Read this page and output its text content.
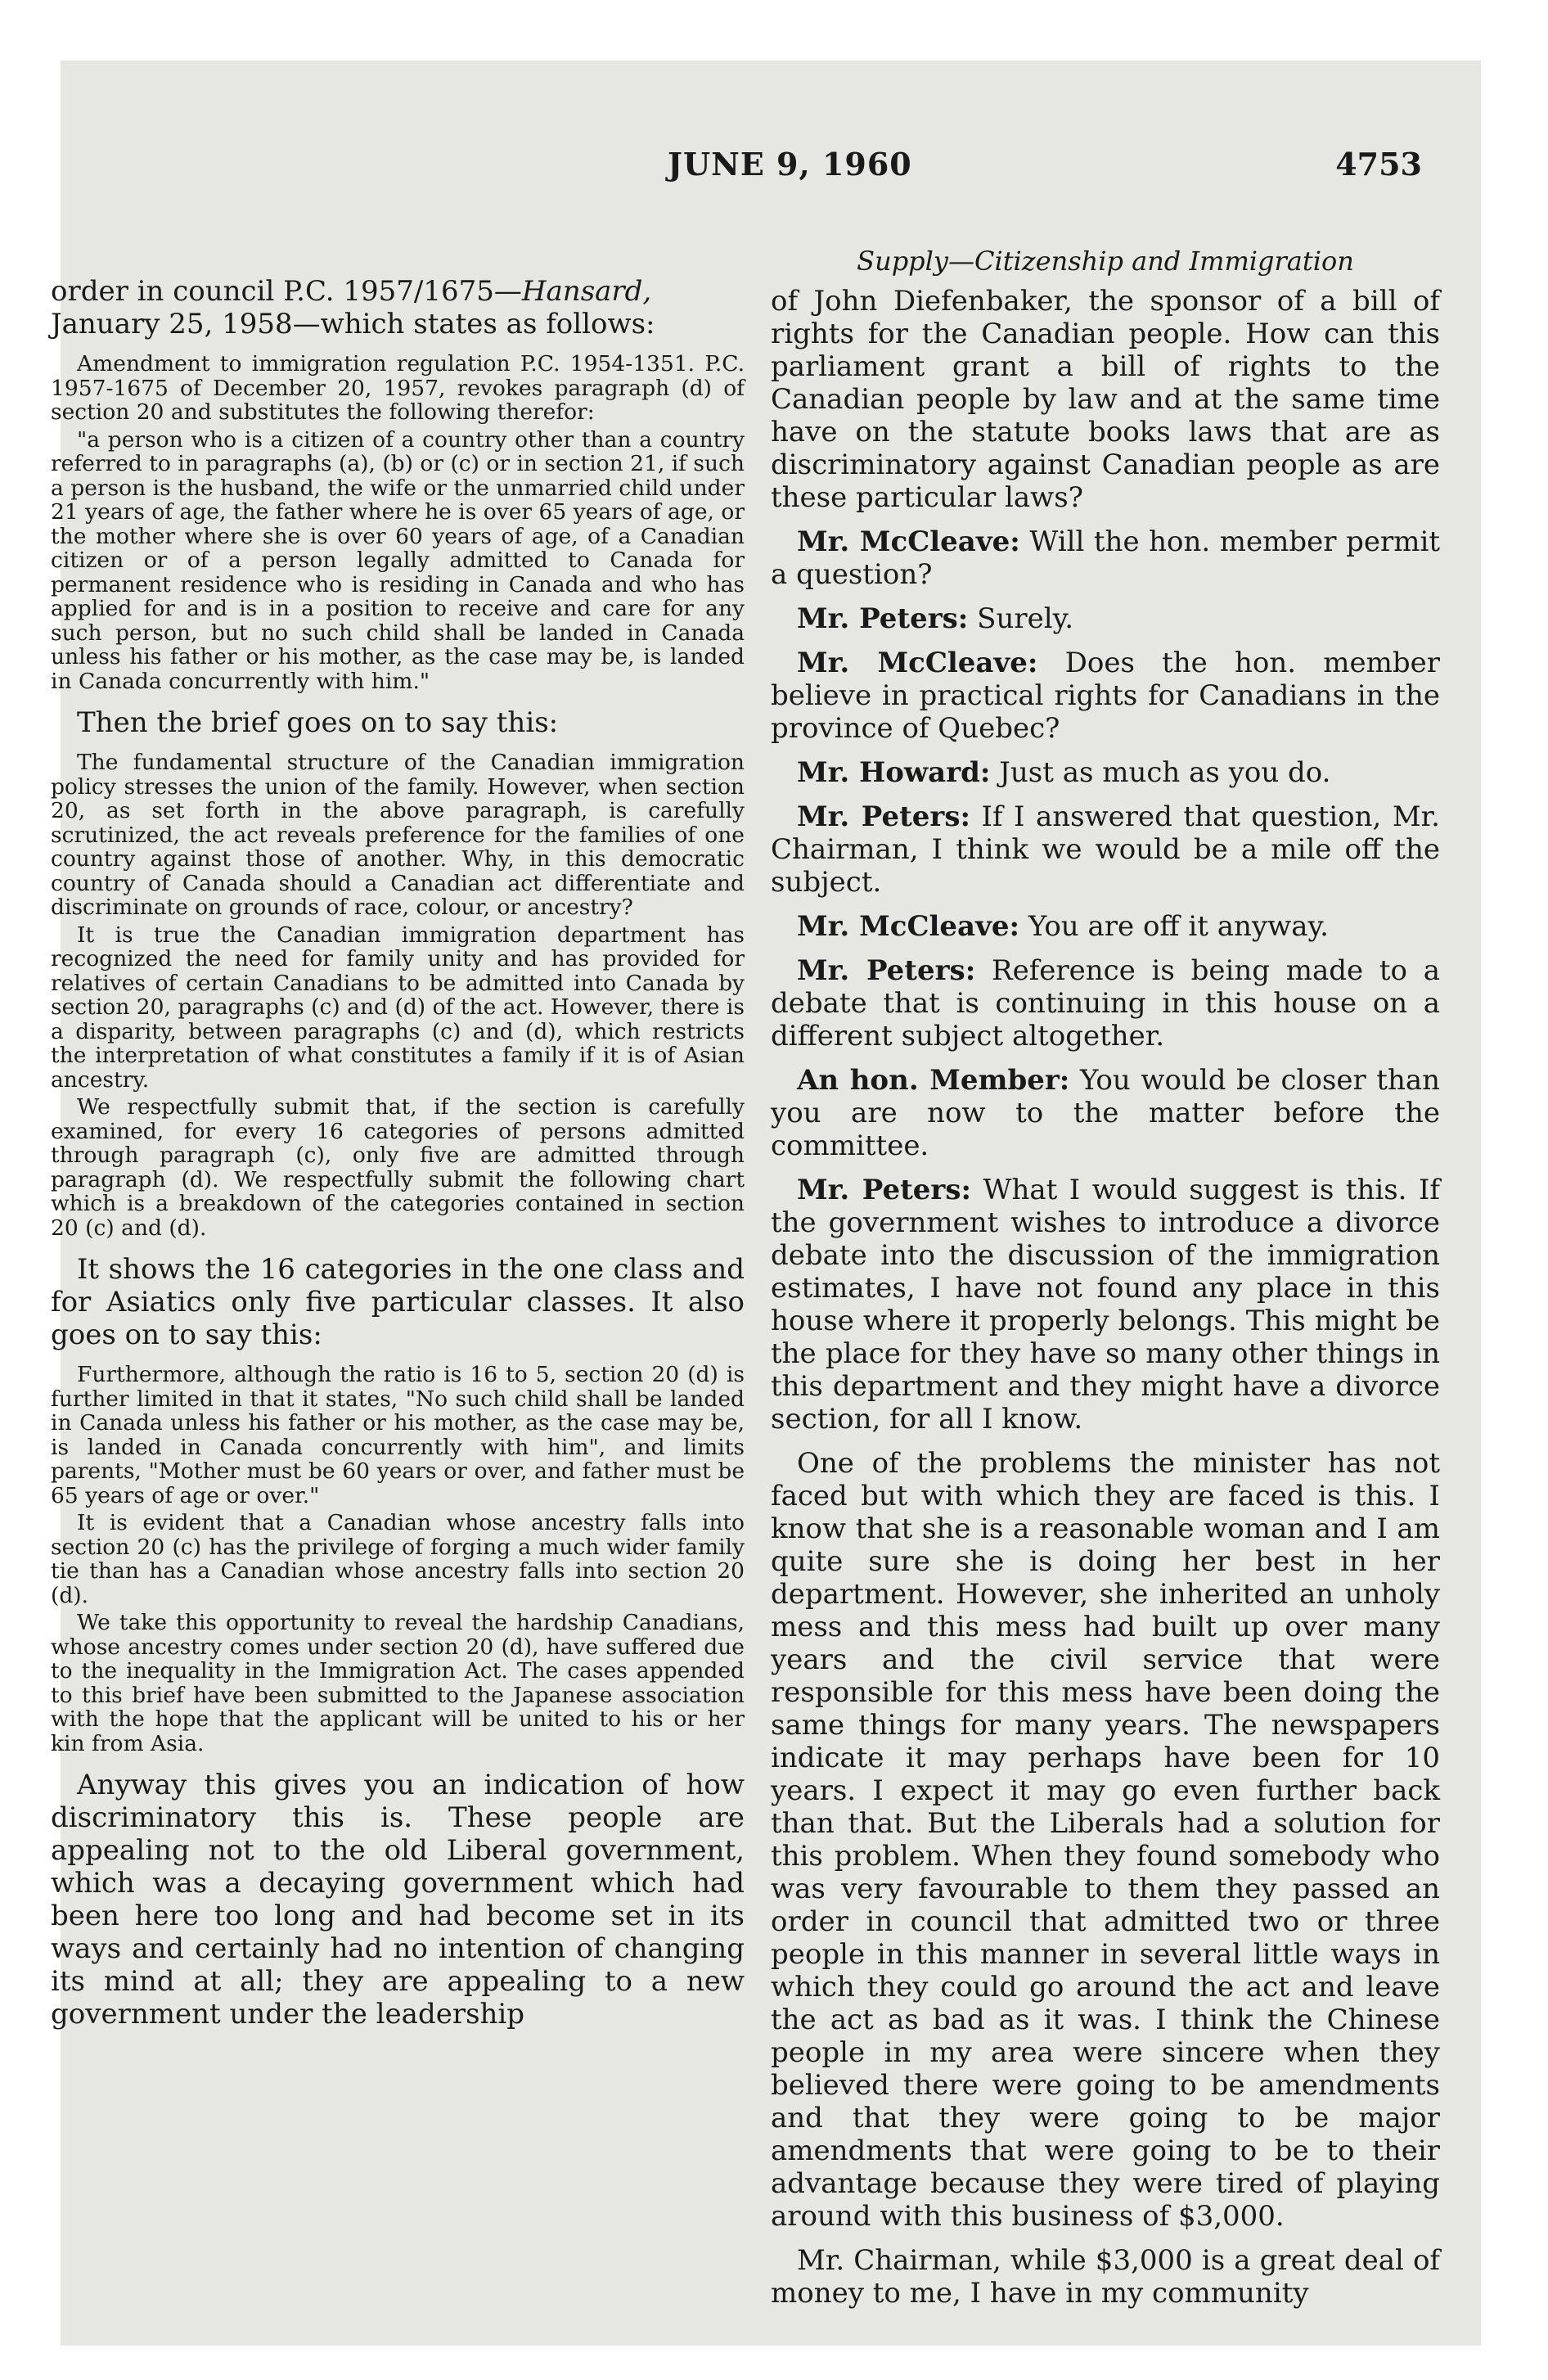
JUNE 9, 1960	4753

order in council P.C. 1957/1675—Hansard, January 25, 1958—which states as follows:

Amendment to immigration regulation P.C. 1954-1351. P.C. 1957-1675 of December 20, 1957, revokes paragraph (d) of section 20 and substitutes the following therefor:

"a person who is a citizen of a country other than a country referred to in paragraphs (a), (b) or (c) or in section 21, if such a person is the husband, the wife or the unmarried child under 21 years of age, the father where he is over 65 years of age, or the mother where she is over 60 years of age, of a Canadian citizen or of a person legally admitted to Canada for permanent residence who is residing in Canada and who has applied for and is in a position to receive and care for any such person, but no such child shall be landed in Canada unless his father or his mother, as the case may be, is landed in Canada concurrently with him."

Then the brief goes on to say this:

The fundamental structure of the Canadian immigration policy stresses the union of the family. However, when section 20, as set forth in the above paragraph, is carefully scrutinized, the act reveals preference for the families of one country against those of another. Why, in this democratic country of Canada should a Canadian act differentiate and discriminate on grounds of race, colour, or ancestry?

It is true the Canadian immigration department has recognized the need for family unity and has provided for relatives of certain Canadians to be admitted into Canada by section 20, paragraphs (c) and (d) of the act. However, there is a disparity, between paragraphs (c) and (d), which restricts the interpretation of what constitutes a family if it is of Asian ancestry.

We respectfully submit that, if the section is carefully examined, for every 16 categories of persons admitted through paragraph (c), only five are admitted through paragraph (d). We respectfully submit the following chart which is a breakdown of the categories contained in section 20 (c) and (d).

It shows the 16 categories in the one class and for Asiatics only five particular classes. It also goes on to say this:

Furthermore, although the ratio is 16 to 5, section 20 (d) is further limited in that it states, "No such child shall be landed in Canada unless his father or his mother, as the case may be, is landed in Canada concurrently with him", and limits parents, "Mother must be 60 years or over, and father must be 65 years of age or over."

It is evident that a Canadian whose ancestry falls into section 20 (c) has the privilege of forging a much wider family tie than has a Canadian whose ancestry falls into section 20 (d).

We take this opportunity to reveal the hardship Canadians, whose ancestry comes under section 20 (d), have suffered due to the inequality in the Immigration Act. The cases appended to this brief have been submitted to the Japanese association with the hope that the applicant will be united to his or her kin from Asia.

Anyway this gives you an indication of how discriminatory this is. These people are appealing not to the old Liberal government, which was a decaying government which had been here too long and had become set in its ways and certainly had no intention of changing its mind at all; they are appealing to a new government under the leadership

Supply—Citizenship and Immigration

of John Diefenbaker, the sponsor of a bill of rights for the Canadian people. How can this parliament grant a bill of rights to the Canadian people by law and at the same time have on the statute books laws that are as discriminatory against Canadian people as are these particular laws?

Mr. McCleave: Will the hon. member permit a question?

Mr. Peters: Surely.

Mr. McCleave: Does the hon. member believe in practical rights for Canadians in the province of Quebec?

Mr. Howard: Just as much as you do.

Mr. Peters: If I answered that question, Mr. Chairman, I think we would be a mile off the subject.

Mr. McCleave: You are off it anyway.

Mr. Peters: Reference is being made to a debate that is continuing in this house on a different subject altogether.

An hon. Member: You would be closer than you are now to the matter before the committee.

Mr. Peters: What I would suggest is this. If the government wishes to introduce a divorce debate into the discussion of the immigration estimates, I have not found any place in this house where it properly belongs. This might be the place for they have so many other things in this department and they might have a divorce section, for all I know.

One of the problems the minister has not faced but with which they are faced is this. I know that she is a reasonable woman and I am quite sure she is doing her best in her department. However, she inherited an unholy mess and this mess had built up over many years and the civil service that were responsible for this mess have been doing the same things for many years. The newspapers indicate it may perhaps have been for 10 years. I expect it may go even further back than that. But the Liberals had a solution for this problem. When they found somebody who was very favourable to them they passed an order in council that admitted two or three people in this manner in several little ways in which they could go around the act and leave the act as bad as it was. I think the Chinese people in my area were sincere when they believed there were going to be amendments and that they were going to be major amendments that were going to be to their advantage because they were tired of playing around with this business of $3,000.

Mr. Chairman, while $3,000 is a great deal of money to me, I have in my community
